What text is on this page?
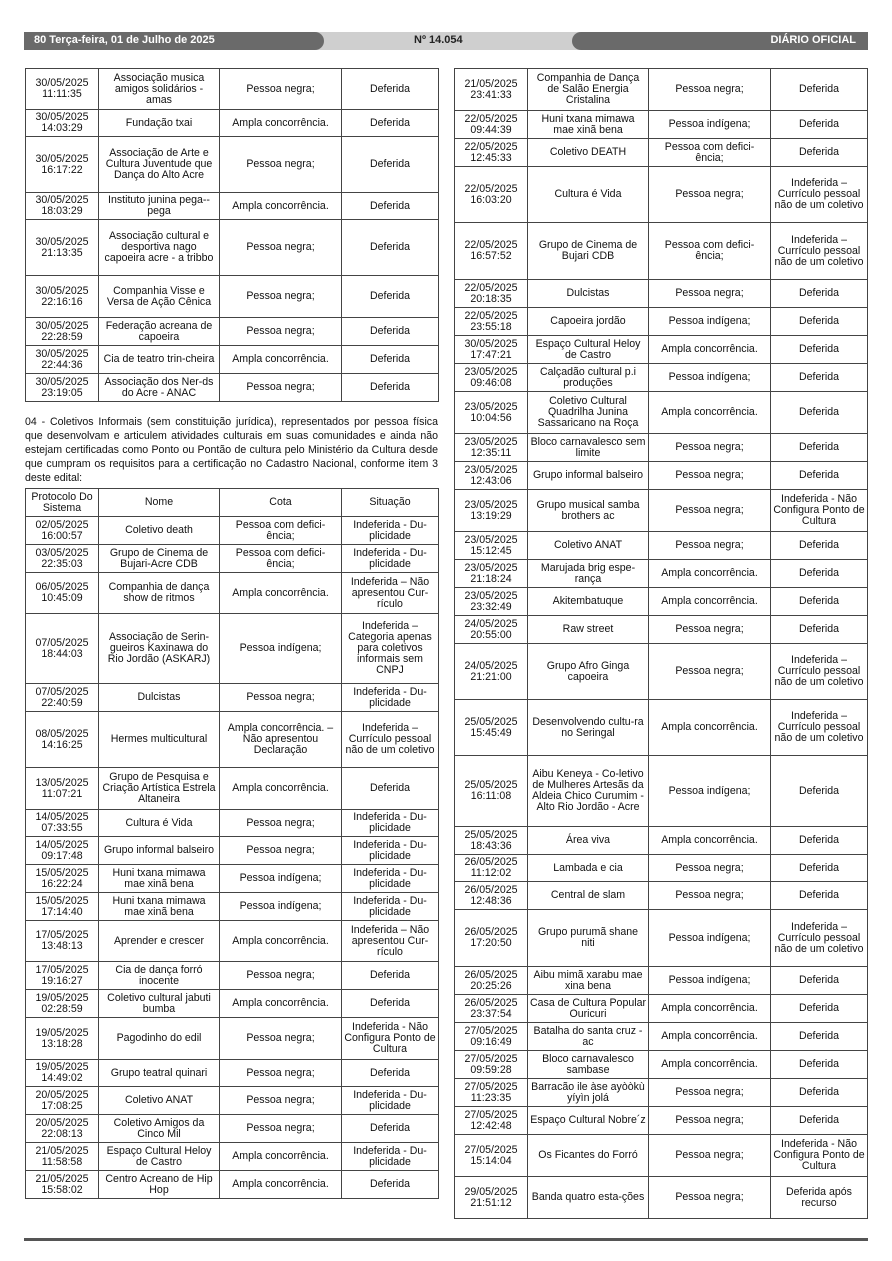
80 Terça-feira, 01 de Julho de 2025	Nº 14.054	DIÁRIO OFICIAL
30/05/2025 11:11:35	Associação musica amigos solidários - amas	Pessoa negra;	Deferida
30/05/2025 14:03:29	Fundação txai	Ampla concorrência.	Deferida
30/05/2025 16:17:22	Associação de Arte e Cultura Juventude que Dança do Alto Acre	Pessoa negra;	Deferida
30/05/2025 18:03:29	Instituto junina pega--pega	Ampla concorrência.	Deferida
30/05/2025 21:13:35	Associação cultural e desportiva nago capoeira acre - a tribbo	Pessoa negra;	Deferida
30/05/2025 22:16:16	Companhia Visse e Versa de Ação Cênica	Pessoa negra;	Deferida
30/05/2025 22:28:59	Federação acreana de capoeira	Pessoa negra;	Deferida
30/05/2025 22:44:36	Cia de teatro trin-cheira	Ampla concorrência.	Deferida
30/05/2025 23:19:05	Associação dos Ner-ds do Acre - ANAC	Pessoa negra;	Deferida

04 - Coletivos Informais (sem constituição jurídica), representados por pessoa física que desenvolvam e articulem atividades culturais em suas comunidades e ainda não estejam certificadas como Ponto ou Pontão de cultura pelo Ministério da Cultura desde que cumpram os requisitos para a certificação no Cadastro Nacional, conforme item 3 deste edital:

Protocolo Do Sistema	Nome	Cota	Situação
02/05/2025 16:00:57	Coletivo death	Pessoa com defici-ência;	Indeferida - Du-plicidade
03/05/2025 22:35:03	Grupo de Cinema de Bujari-Acre CDB	Pessoa com defici-ência;	Indeferida - Du-plicidade
06/05/2025 10:45:09	Companhia de dança show de ritmos	Ampla concorrência.	Indeferida – Não apresentou Cur-rículo
07/05/2025 18:44:03	Associação de Serin-gueiros Kaxinawa do Rio Jordão (ASKARJ)	Pessoa indígena;	Indeferida – Categoria apenas para coletivos informais sem CNPJ
07/05/2025 22:40:59	Dulcistas	Pessoa negra;	Indeferida - Du-plicidade
08/05/2025 14:16:25	Hermes multicultural	Ampla concorrência. – Não apresentou Declaração	Indeferida – Currículo pessoal não de um coletivo
13/05/2025 11:07:21	Grupo de Pesquisa e Criação Artística Estrela Altaneira	Ampla concorrência.	Deferida
14/05/2025 07:33:55	Cultura é Vida	Pessoa negra;	Indeferida - Du-plicidade
14/05/2025 09:17:48	Grupo informal balseiro	Pessoa negra;	Indeferida - Du-plicidade
15/05/2025 16:22:24	Huni txana mimawa mae xinã bena	Pessoa indígena;	Indeferida - Du-plicidade
15/05/2025 17:14:40	Huni txana mimawa mae xinã bena	Pessoa indígena;	Indeferida - Du-plicidade
17/05/2025 13:48:13	Aprender e crescer	Ampla concorrência.	Indeferida – Não apresentou Cur-rículo
17/05/2025 19:16:27	Cia de dança forró inocente	Pessoa negra;	Deferida
19/05/2025 02:28:59	Coletivo cultural jabuti bumba	Ampla concorrência.	Deferida
19/05/2025 13:18:28	Pagodinho do edil	Pessoa negra;	Indeferida - Não Configura Ponto de Cultura
19/05/2025 14:49:02	Grupo teatral quinari	Pessoa negra;	Deferida
20/05/2025 17:08:25	Coletivo ANAT	Pessoa negra;	Indeferida - Du-plicidade
20/05/2025 22:08:13	Coletivo Amigos da Cinco Mil	Pessoa negra;	Deferida
21/05/2025 11:58:58	Espaço Cultural Heloy de Castro	Ampla concorrência.	Indeferida - Du-plicidade
21/05/2025 15:58:02	Centro Acreano de Hip Hop	Ampla concorrência.	Deferida
21/05/2025 23:41:33	Companhia de Dança de Salão Energia Cristalina	Pessoa negra;	Deferida
22/05/2025 09:44:39	Huni txana mimawa mae xinã bena	Pessoa indígena;	Deferida
22/05/2025 12:45:33	Coletivo DEATH	Pessoa com defici-ência;	Deferida
22/05/2025 16:03:20	Cultura é Vida	Pessoa negra;	Indeferida – Currículo pessoal não de um coletivo
22/05/2025 16:57:52	Grupo de Cinema de Bujari CDB	Pessoa com defici-ência;	Indeferida – Currículo pessoal não de um coletivo
22/05/2025 20:18:35	Dulcistas	Pessoa negra;	Deferida
22/05/2025 23:55:18	Capoeira jordão	Pessoa indígena;	Deferida
30/05/2025 17:47:21	Espaço Cultural Heloy de Castro	Ampla concorrência.	Deferida
23/05/2025 09:46:08	Calçadão cultural p.i produções	Pessoa indígena;	Deferida
23/05/2025 10:04:56	Coletivo Cultural Quadrilha Junina Sassaricano na Roça	Ampla concorrência.	Deferida
23/05/2025 12:35:11	Bloco carnavalesco sem limite	Pessoa negra;	Deferida
23/05/2025 12:43:06	Grupo informal balseiro	Pessoa negra;	Deferida
23/05/2025 13:19:29	Grupo musical samba brothers ac	Pessoa negra;	Indeferida - Não Configura Ponto de Cultura
23/05/2025 15:12:45	Coletivo ANAT	Pessoa negra;	Deferida
23/05/2025 21:18:24	Marujada brig espe-rança	Ampla concorrência.	Deferida
23/05/2025 23:32:49	Akitembatuque	Ampla concorrência.	Deferida
24/05/2025 20:55:00	Raw street	Pessoa negra;	Deferida
24/05/2025 21:21:00	Grupo Afro Ginga capoeira	Pessoa negra;	Indeferida – Currículo pessoal não de um coletivo
25/05/2025 15:45:49	Desenvolvendo cultu-ra no Seringal	Ampla concorrência.	Indeferida – Currículo pessoal não de um coletivo
25/05/2025 16:11:08	Aibu Keneya - Co-letivo de Mulheres Artesãs da Aldeia Chico Curumim - Alto Rio Jordão - Acre	Pessoa indígena;	Deferida
25/05/2025 18:43:36	Área viva	Ampla concorrência.	Deferida
26/05/2025 11:12:02	Lambada e cia	Pessoa negra;	Deferida
26/05/2025 12:48:36	Central de slam	Pessoa negra;	Deferida
26/05/2025 17:20:50	Grupo purumã shane niti	Pessoa indígena;	Indeferida – Currículo pessoal não de um coletivo
26/05/2025 20:25:26	Aibu mimã xarabu mae xina bena	Pessoa indígena;	Deferida
26/05/2025 23:37:54	Casa de Cultura Popular Ouricuri	Ampla concorrência.	Deferida
27/05/2025 09:16:49	Batalha do santa cruz - ac	Ampla concorrência.	Deferida
27/05/2025 09:59:28	Bloco carnavalesco sambase	Ampla concorrência.	Deferida
27/05/2025 11:23:35	Barracão ile àse ayòòkù yíyìn jolá	Pessoa negra;	Deferida
27/05/2025 12:42:48	Espaço Cultural Nobre´z	Pessoa negra;	Deferida
27/05/2025 15:14:04	Os Ficantes do Forró	Pessoa negra;	Indeferida - Não Configura Ponto de Cultura
29/05/2025 21:51:12	Banda quatro esta-ções	Pessoa negra;	Deferida após recurso
